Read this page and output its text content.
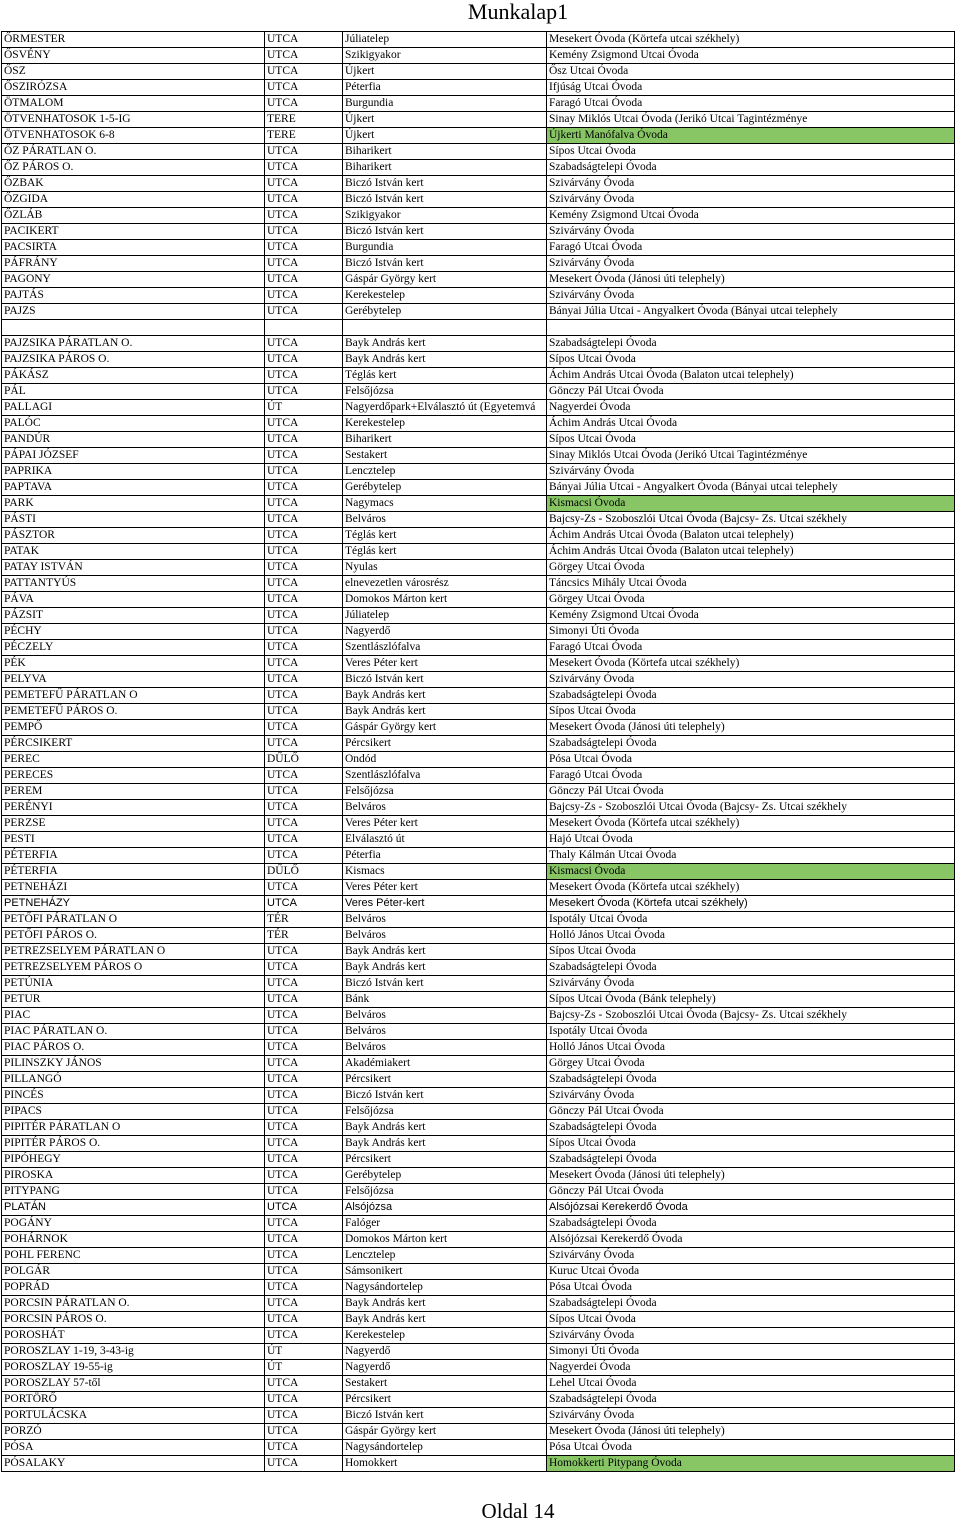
Munkalap1
ŐRMESTER	UTCA	Júliatelep	Mesekert Óvoda (Körtefa utcai székhely)
ŐSVÉNY	UTCA	Szikigyakor	Kemény Zsigmond Utcai Óvoda
ŐSZ	UTCA	Újkert	Ősz Utcai Óvoda
ŐSZIRÓZSA	UTCA	Péterfia	Ifjúság Utcai Óvoda
ÖTMALOM	UTCA	Burgundia	Faragó Utcai Óvoda
ÖTVENHATOSOK 1-5-IG	TERE	Újkert	Sinay Miklós Utcai Óvoda (Jerikó Utcai Tagintézménye
ÖTVENHATOSOK 6-8	TERE	Újkert	Újkerti Manófalva Óvoda
ŐZ PÁRATLAN O.	UTCA	Biharikert	Sípos Utcai Óvoda
ŐZ PÁROS O.	UTCA	Biharikert	Szabadságtelepi Óvoda
ŐZBAK	UTCA	Biczó István kert	Szivárvány Óvoda
ŐZGIDA	UTCA	Biczó István kert	Szivárvány Óvoda
ŐZLÁB	UTCA	Szikigyakor	Kemény Zsigmond Utcai Óvoda
PACIKERT	UTCA	Biczó István kert	Szivárvány Óvoda
PACSIRTA	UTCA	Burgundia	Faragó Utcai Óvoda
PÁFRÁNY	UTCA	Biczó István kert	Szivárvány Óvoda
PAGONY	UTCA	Gáspár György kert	Mesekert Óvoda (Jánosi úti telephely)
PAJTÁS	UTCA	Kerekestelep	Szivárvány Óvoda
PAJZS	UTCA	Gerébytelep	Bányai Júlia Utcai - Angyalkert Óvoda (Bányai utcai telephely

PAJZSIKA PÁRATLAN O.	UTCA	Bayk András kert	Szabadságtelepi Óvoda
PAJZSIKA PÁROS O.	UTCA	Bayk András kert	Sípos Utcai Óvoda
PÁKÁSZ	UTCA	Téglás kert	Áchim András Utcai Óvoda (Balaton utcai telephely)
PÁL	UTCA	Felsőjózsa	Gönczy Pál Utcai Óvoda
PALLAGI	ÚT	Nagyerdőpark+Elválasztó út (Egyetemvá	Nagyerdei Óvoda
PALÓC	UTCA	Kerekestelep	Áchim András Utcai Óvoda
PANDÚR	UTCA	Biharikert	Sípos Utcai Óvoda
PÁPAI JÓZSEF	UTCA	Sestakert	Sinay Miklós Utcai Óvoda (Jerikó Utcai Tagintézménye
PAPRIKA	UTCA	Lencztelep	Szivárvány Óvoda
PAPTAVA	UTCA	Gerébytelep	Bányai Júlia Utcai - Angyalkert Óvoda (Bányai utcai telephely
PARK	UTCA	Nagymacs	Kismacsi Óvoda
PÁSTI	UTCA	Belváros	Bajcsy-Zs - Szoboszlói Utcai Óvoda (Bajcsy- Zs. Utcai székhely
PÁSZTOR	UTCA	Téglás kert	Áchim András Utcai Óvoda (Balaton utcai telephely)
PATAK	UTCA	Téglás kert	Áchim András Utcai Óvoda (Balaton utcai telephely)
PATAY ISTVÁN	UTCA	Nyulas	Görgey Utcai Óvoda
PATTANTYÚS	UTCA	elnevezetlen városrész	Táncsics Mihály Utcai Óvoda
PÁVA	UTCA	Domokos Márton kert	Görgey Utcai Óvoda
PÁZSIT	UTCA	Júliatelep	Kemény Zsigmond Utcai Óvoda
PÉCHY	UTCA	Nagyerdő	Simonyi Úti Óvoda
PÉCZELY	UTCA	Szentlászlófalva	Faragó Utcai Óvoda
PÉK	UTCA	Veres Péter kert	Mesekert Óvoda (Körtefa utcai székhely)
PELYVA	UTCA	Biczó István kert	Szivárvány Óvoda
PEMETEFŰ PÁRATLAN O	UTCA	Bayk András kert	Szabadságtelepi Óvoda
PEMETEFŰ PÁROS O.	UTCA	Bayk András kert	Sípos Utcai Óvoda
PEMPŐ	UTCA	Gáspár György kert	Mesekert Óvoda (Jánosi úti telephely)
PÉRCSIKERT	UTCA	Pércsikert	Szabadságtelepi Óvoda
PEREC	DŰLŐ	Ondód	Pósa Utcai Óvoda
PERECES	UTCA	Szentlászlófalva	Faragó Utcai Óvoda
PEREM	UTCA	Felsőjózsa	Gönczy Pál Utcai Óvoda
PERÉNYI	UTCA	Belváros	Bajcsy-Zs - Szoboszlói Utcai Óvoda (Bajcsy- Zs. Utcai székhely
PERZSE	UTCA	Veres Péter kert	Mesekert Óvoda (Körtefa utcai székhely)
PESTI	UTCA	Elválasztó út	Hajó Utcai Óvoda
PÉTERFIA	UTCA	Péterfia	Thaly Kálmán Utcai Óvoda
PÉTERFIA	DŰLŐ	Kismacs	Kismacsi Óvoda
PETNEHÁZI	UTCA	Veres Péter kert	Mesekert Óvoda (Körtefa utcai székhely)
PETNEHÁZY	UTCA	Veres Péter-kert	Mesekert Óvoda (Körtefa utcai székhely)
PETŐFI PÁRATLAN O	TÉR	Belváros	Ispotály Utcai Óvoda
PETŐFI PÁROS O.	TÉR	Belváros	Holló János Utcai Óvoda
PETREZSELYEM PÁRATLAN O	UTCA	Bayk András kert	Sípos Utcai Óvoda
PETREZSELYEM PÁROS O	UTCA	Bayk András kert	Szabadságtelepi Óvoda
PETÚNIA	UTCA	Biczó István kert	Szivárvány Óvoda
PETUR	UTCA	Bánk	Sípos Utcai Óvoda (Bánk telephely)
PIAC	UTCA	Belváros	Bajcsy-Zs - Szoboszlói Utcai Óvoda (Bajcsy- Zs. Utcai székhely
PIAC PÁRATLAN O.	UTCA	Belváros	Ispotály Utcai Óvoda
PIAC PÁROS O.	UTCA	Belváros	Holló János Utcai Óvoda
PILINSZKY JÁNOS	UTCA	Akadémiakert	Görgey Utcai Óvoda
PILLANGÓ	UTCA	Pércsikert	Szabadságtelepi Óvoda
PINCÉS	UTCA	Biczó István kert	Szivárvány Óvoda
PIPACS	UTCA	Felsőjózsa	Gönczy Pál Utcai Óvoda
PIPITÉR PÁRATLAN O	UTCA	Bayk András kert	Szabadságtelepi Óvoda
PIPITÉR PÁROS O.	UTCA	Bayk András kert	Sípos Utcai Óvoda
PIPÓHEGY	UTCA	Pércsikert	Szabadságtelepi Óvoda
PIROSKA	UTCA	Gerébytelep	Mesekert Óvoda (Jánosi úti telephely)
PITYPANG	UTCA	Felsőjózsa	Gönczy Pál Utcai Óvoda
PLATÁN	UTCA	Alsójózsa	Alsójózsai Kerekerdő Óvoda
POGÁNY	UTCA	Falóger	Szabadságtelepi Óvoda
POHÁRNOK	UTCA	Domokos Márton kert	Alsójózsai Kerekerdő Óvoda
POHL FERENC	UTCA	Lencztelep	Szivárvány Óvoda
POLGÁR	UTCA	Sámsonikert	Kuruc Utcai Óvoda
POPRÁD	UTCA	Nagysándortelep	Pósa Utcai Óvoda
PORCSIN PÁRATLAN O.	UTCA	Bayk András kert	Szabadságtelepi Óvoda
PORCSIN PÁROS O.	UTCA	Bayk András kert	Sípos Utcai Óvoda
POROSHÁT	UTCA	Kerekestelep	Szivárvány Óvoda
POROSZLAY 1-19, 3-43-ig	ÚT	Nagyerdő	Simonyi Úti Óvoda
POROSZLAY 19-55-ig	ÚT	Nagyerdő	Nagyerdei Óvoda
POROSZLAY 57-től	UTCA	Sestakert	Lehel Utcai Óvoda
PORTÖRŐ	UTCA	Pércsikert	Szabadságtelepi Óvoda
PORTULÁCSKA	UTCA	Biczó István kert	Szivárvány Óvoda
PORZÓ	UTCA	Gáspár György kert	Mesekert Óvoda (Jánosi úti telephely)
PÓSA	UTCA	Nagysándortelep	Pósa Utcai Óvoda
PÓSALAKY	UTCA	Homokkert	Homokkerti Pitypang Óvoda
Oldal 14
